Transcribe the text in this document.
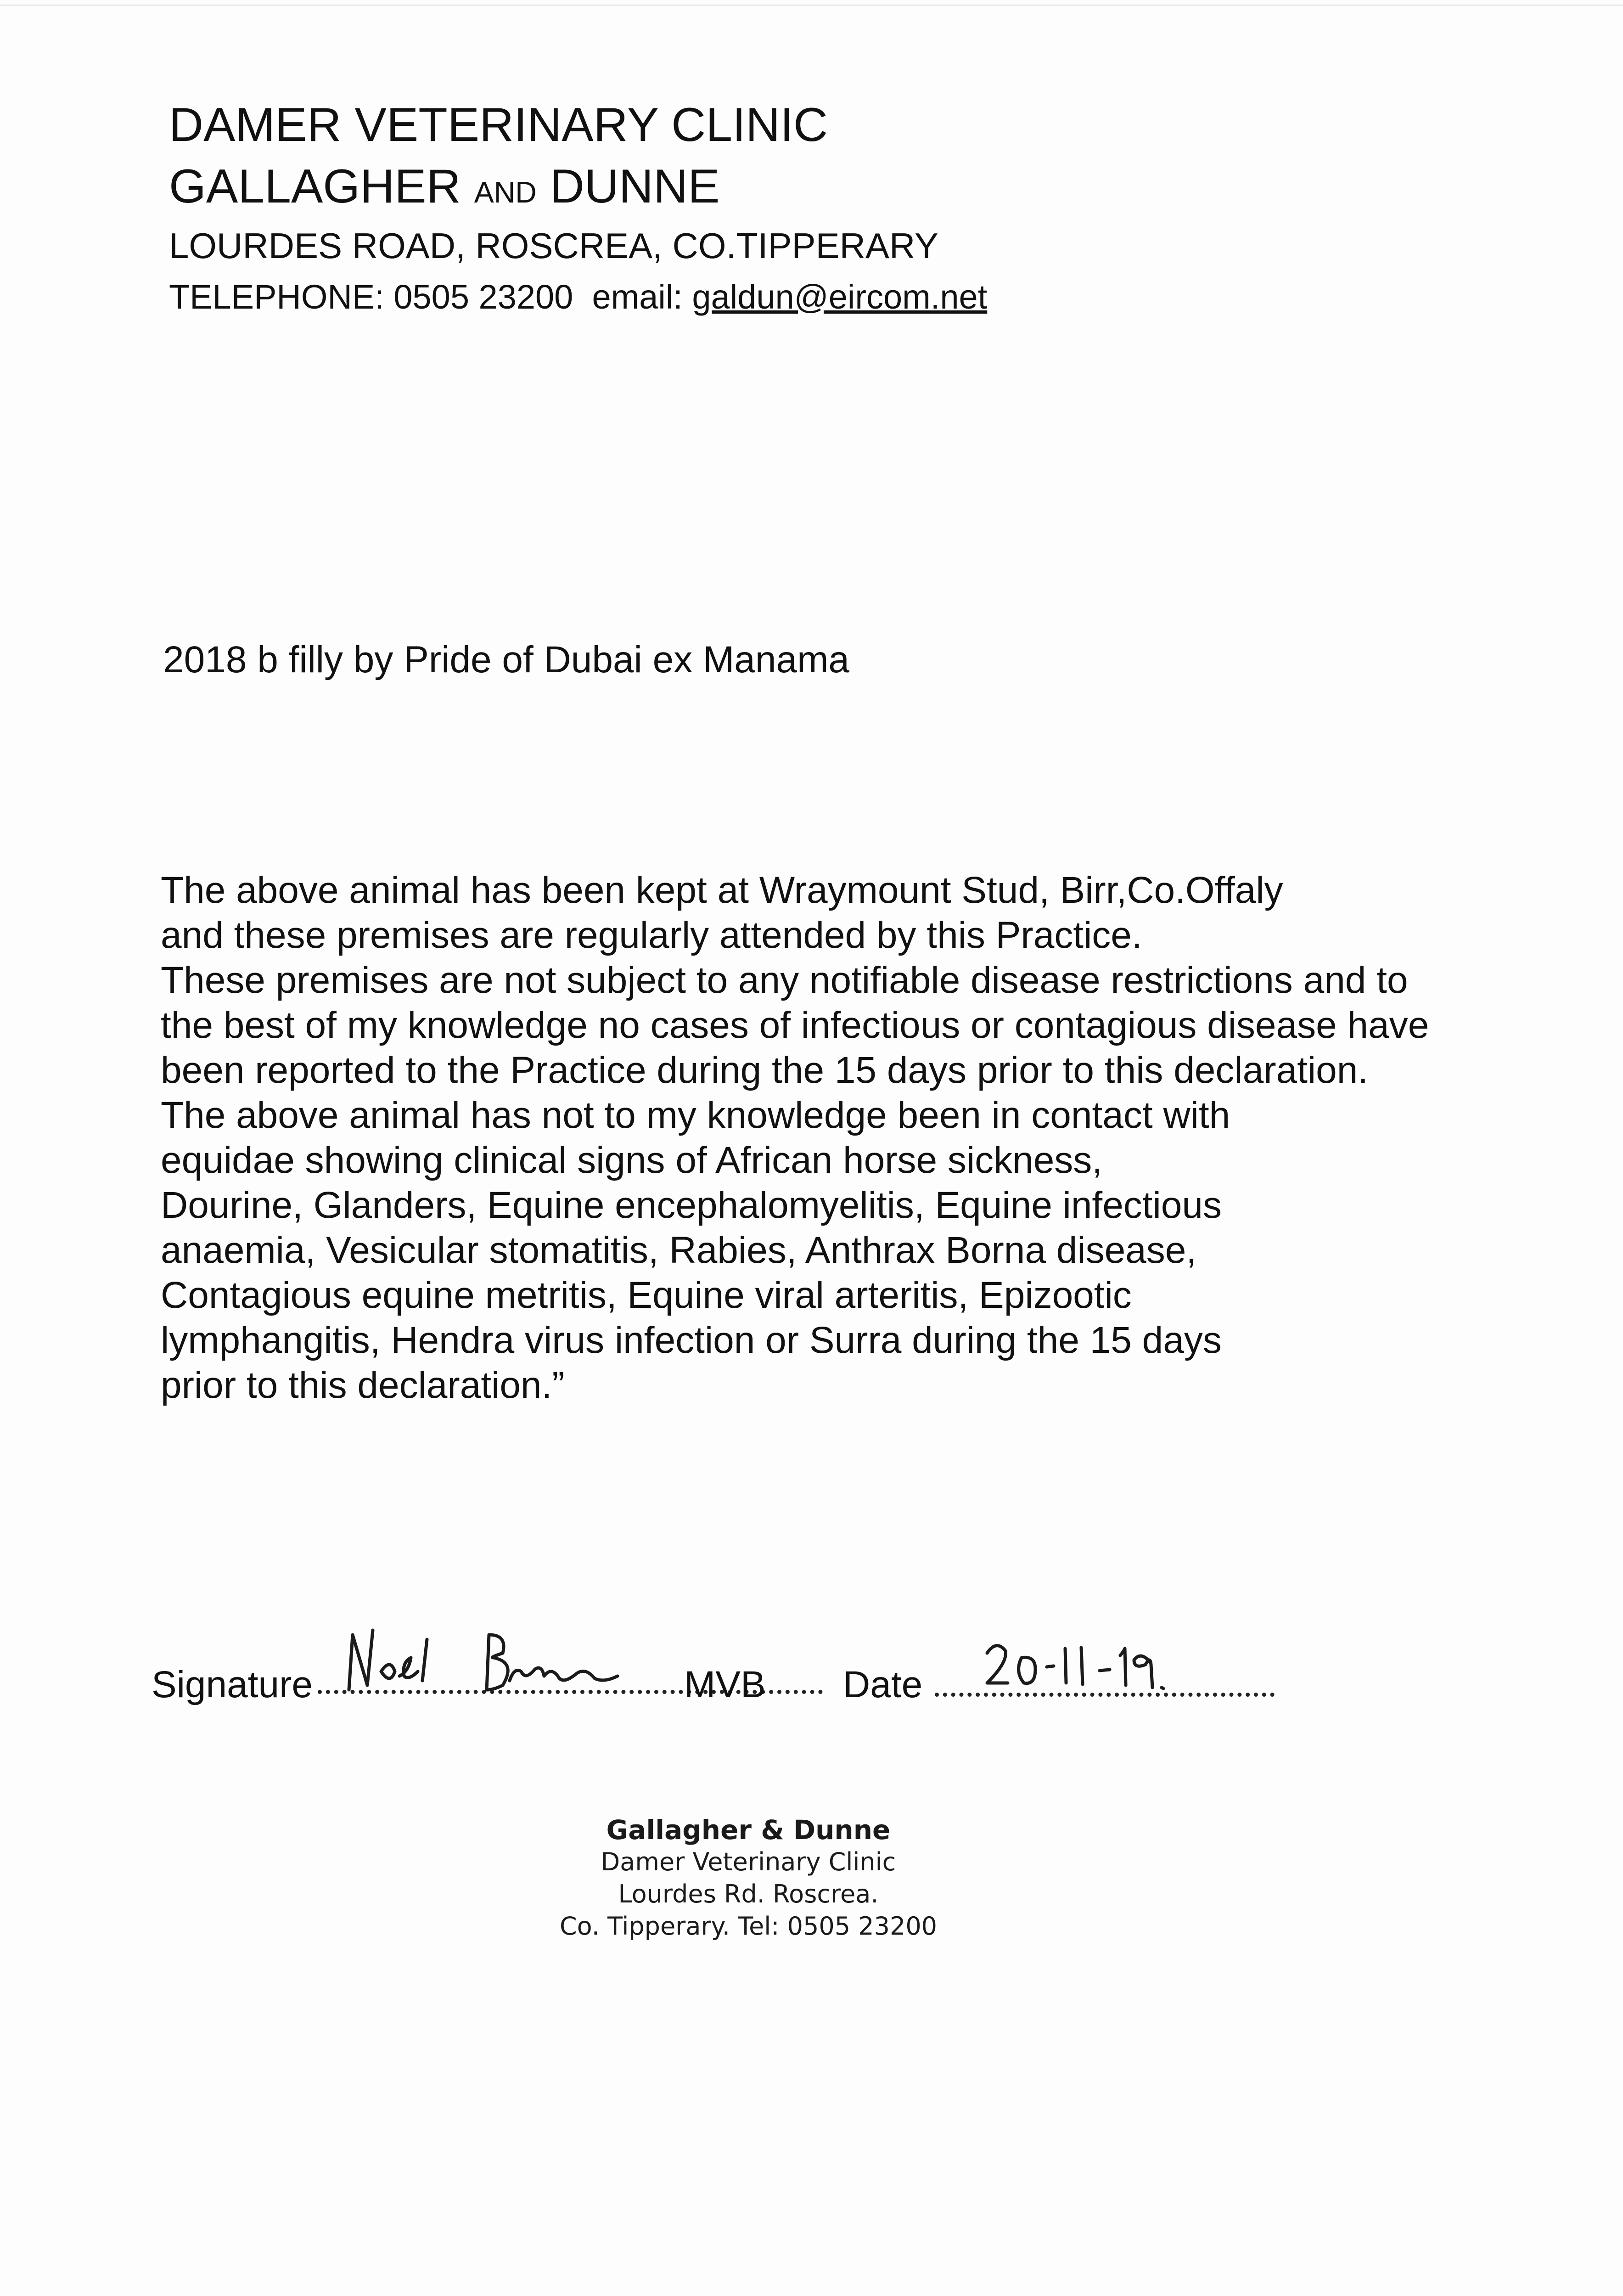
DAMER VETERINARY CLINIC
GALLAGHER AND DUNNE
LOURDES ROAD, ROSCREA, CO.TIPPERARY
TELEPHONE: 0505 23200 email: galdun@eircom.net
2018 b filly by Pride of Dubai ex Manama
The above animal has been kept at Wraymount Stud, Birr,Co.Offaly
and these premises are regularly attended by this Practice.
These premises are not subject to any notifiable disease restrictions and to
the best of my knowledge no cases of infectious or contagious disease have
been reported to the Practice during the 15 days prior to this declaration.
The above animal has not to my knowledge been in contact with
equidae showing clinical signs of African horse sickness,
Dourine, Glanders, Equine encephalomyelitis, Equine infectious
anaemia, Vesicular stomatitis, Rabies, Anthrax Borna disease,
Contagious equine metritis, Equine viral arteritis, Epizootic
lymphangitis, Hendra virus infection or Surra during the 15 days
prior to this declaration.”
Signature	MVB Date
Gallagher & Dunne
Damer Veterinary Clinic
Lourdes Rd. Roscrea.
Co. Tipperary. Tel: 0505 23200
